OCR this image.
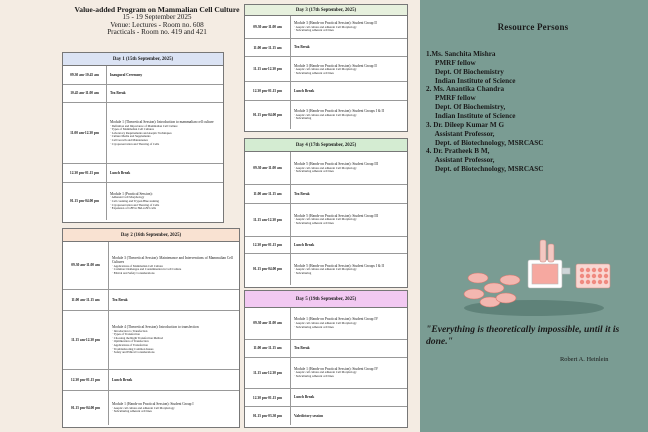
Value-added Program on Mammalian Cell Culture
15 - 19 September 2025
Venue: Lectures - Room no. 608
Practicals - Room no. 419 and 421
Day 1 (15th September, 2025)
09.30 am-10.45 am	Inaugural Ceremony
10.45 am-11.00 am	Tea Break
11.00 am-12.30 pm
Module 1 (Theoretical Session): Introduction to mammalian cell culture
· Definition and Importance of Mammalian Cell Culture
· Types of Mammalian Cell Cultures
· Laboratory Requirements and Aseptic Techniques
· Culture Media and Supplements
· Cell Growth and Maintenance
· Cryopreservation and Thawing of Cells
12.30 pm-01.15 pm	Lunch Break
01.15 pm-04.00 pm
Module 1 (Practical Session):
· Adherent Cell Morphology
· Cell counting and Trypan Blue staining
· Cryopreservation and Thawing of Cells
· Expansion of GFP in HeLa/293 cells
Day 2 (16th September, 2025)
09.30 am-11.00 am
Module 3 (Theoretical Session): Maintenance and Interventions of Mammalian Cell Cultures
· Applications of Mammalian Cell Culture
· Common Challenges and Contamination in Cell Culture
· Ethical and Safety Considerations
11.00 am-11.15 am	Tea Break
11.15 am-12.30 pm
Module 4 (Theoretical Session): Introduction to transfection
· Introduction to Transfection
· Types of Transfection
· Choosing the Right Transfection Method
· Optimization of Transfection
· Applications of Transfection
· Troubleshooting Common Issues
· Safety and Ethical Considerations
12.30 pm-01.15 pm	Lunch Break
01.15 pm-04.00 pm
Module 1 (Hands-on Practical Session): Student Group I
· Aseptic cell culture and adherent Cell Morphology
· Subculturing adherent cell lines
Day 3 (17th September, 2025)
09.30 am-11.00 am
Module 3 (Hands-on Practical Session): Student Group II
· Aseptic cell culture and adherent Cell Morphology
· Subculturing adherent cell lines
11.00 am-11.15 am	Tea Break
11.15 am-12.30 pm
Module 3 (Hands-on Practical Session): Student Group II
· Aseptic cell culture and adherent Cell Morphology
· Subculturing adherent cell lines
12.30 pm-01.15 pm	Lunch Break
01.15 pm-04.00 pm
Module 3 (Hands-on Practical Session): Student Groups I & II
· Aseptic cell culture and adherent Cell Morphology
· Subculturing
Day 4 (17th September, 2025)
09.30 am-11.00 am
Module 5 (Hands-on Practical Session): Student Group III
· Aseptic cell culture and adherent Cell Morphology
· Subculturing adherent cell lines
11.00 am-11.15 am	Tea Break
11.15 am-12.30 pm
Module 5 (Hands-on Practical Session): Student Group III
· Aseptic cell culture and adherent Cell Morphology
· Subculturing adherent cell lines
12.30 pm-01.15 pm	Lunch Break
01.15 pm-04.00 pm
Module 5 (Hands-on Practical Session): Student Groups I & II
· Aseptic cell culture and adherent Cell Morphology
· Subculturing
Day 5 (19th September, 2025)
09.30 am-11.00 am
Module 1 (Hands-on Practical Session): Student Group IV
· Aseptic cell culture and adherent Cell Morphology
· Subculturing adherent cell lines
11.00 am-11.15 am	Tea Break
11.15 am-12.30 pm
Module 1 (Hands-on Practical Session): Student Group IV
· Aseptic cell culture and adherent Cell Morphology
· Subculturing adherent cell lines
12.30 pm-01.15 pm	Lunch Break
01.15 pm-03.30 pm	Valedictory session
Resource Persons
1.Ms. Sanchita Mishra
PMRF fellow
Dept. Of Biochemistry
Indian Institute of Science
2. Ms. Anantika Chandra
PMRF fellow
Dept. Of Biochemistry,
Indian Institute of Science
3. Dr. Dileep Kumar M G
Assistant Professor,
Dept. of Biotechnology, MSRCASC
4. Dr. Pratheek B M,
Assistant Professor,
Dept. of Biotechnology, MSRCASC
"Everything is theoretically impossible, until it is done."
Robert A. Heinlein
